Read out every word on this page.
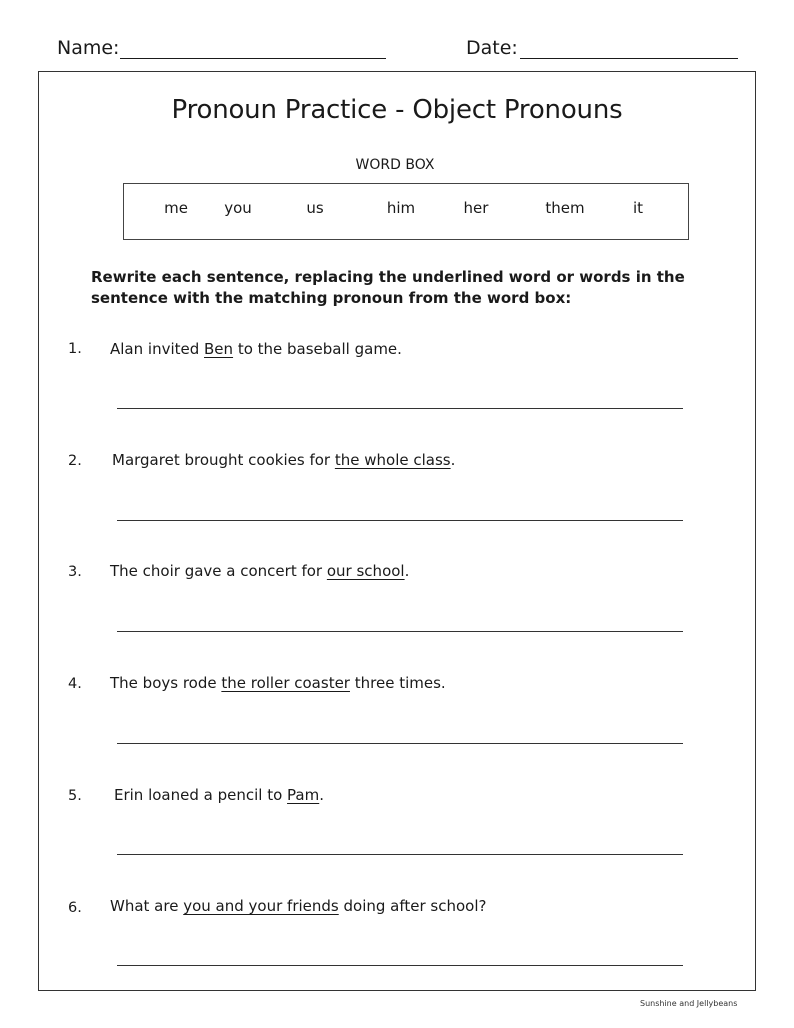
Name:	Date:
Pronoun Practice - Object Pronouns
WORD BOX
me you	us	him	her	them	it
Rewrite each sentence, replacing the underlined word or words in the sentence with the matching pronoun from the word box:
1. Alan invited Ben to the baseball game.
2. Margaret brought cookies for the whole class.
3. The choir gave a concert for our school.
4. The boys rode the roller coaster three times.
5. Erin loaned a pencil to Pam.
6. What are you and your friends doing after school?
Sunshine and Jellybeans
